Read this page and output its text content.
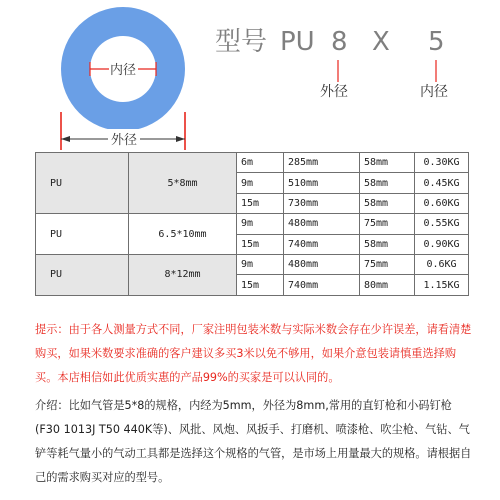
内径
外径
型号 PU 8 X 5
外径	内径
PU	5*8mm	6m	285mm	58mm	0.30KG
		9m	510mm	58mm	0.45KG
		15m	730mm	58mm	0.60KG
PU	6.5*10mm	9m	480mm	75mm	0.55KG
		15m	740mm	58mm	0.90KG
PU	8*12mm	9m	480mm	75mm	0.6KG
		15m	740mm	80mm	1.15KG

提示：由于各人测量方式不同，厂家注明包装米数与实际米数会存在少许误差，请看清楚购买，如果米数要求准确的客户建议多买3米以免不够用，如果介意包装请慎重选择购买。本店相信如此优质实惠的产品99%的买家是可以认同的。

介绍：比如气管是5*8的规格，内经为5mm，外径为8mm,常用的直钉枪和小码钉枪(F30 1013J T50 440K等)、风批、风炮、风扳手、打磨机、喷漆枪、吹尘枪、气钻、气铲等耗气量小的气动工具都是选择这个规格的气管，是市场上用量最大的规格。请根据自己的需求购买对应的型号。
